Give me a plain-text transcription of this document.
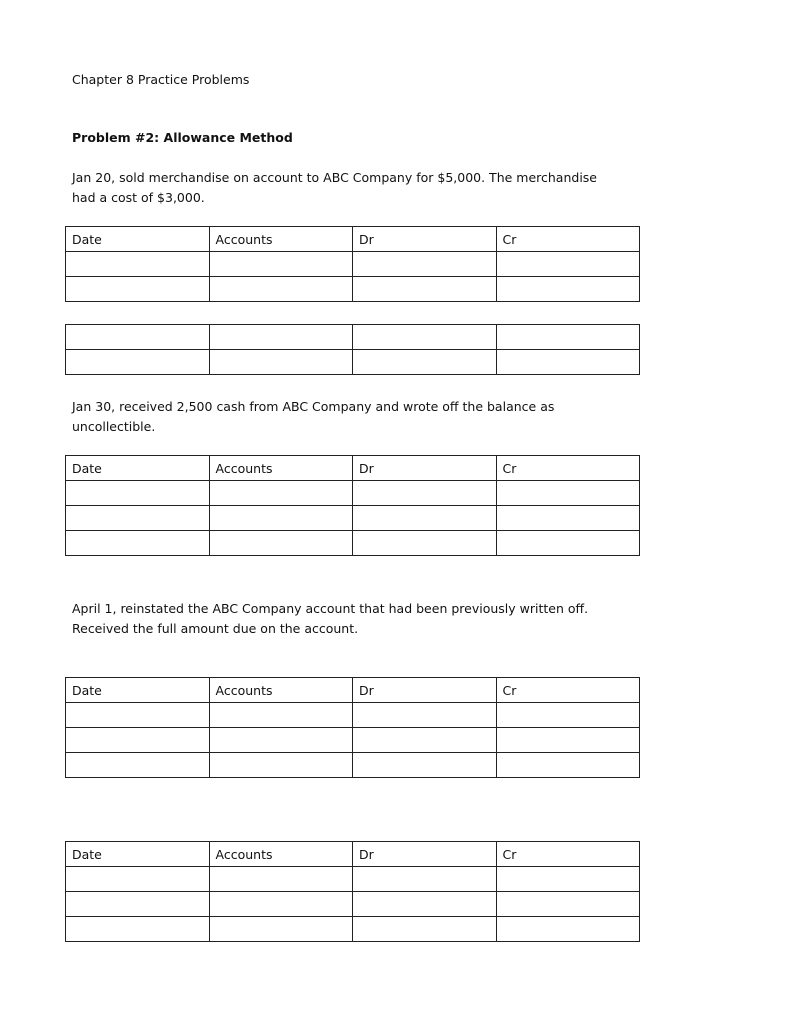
Chapter 8 Practice Problems
Problem #2: Allowance Method
Jan 20, sold merchandise on account to ABC Company for $5,000. The merchandise had a cost of $3,000.
Date	Accounts	Dr	Cr

Jan 30, received 2,500 cash from ABC Company and wrote off the balance as uncollectible.
Date	Accounts	Dr	Cr

April 1, reinstated the ABC Company account that had been previously written off.
Received the full amount due on the account.
Date	Accounts	Dr	Cr

Date	Accounts	Dr	Cr
